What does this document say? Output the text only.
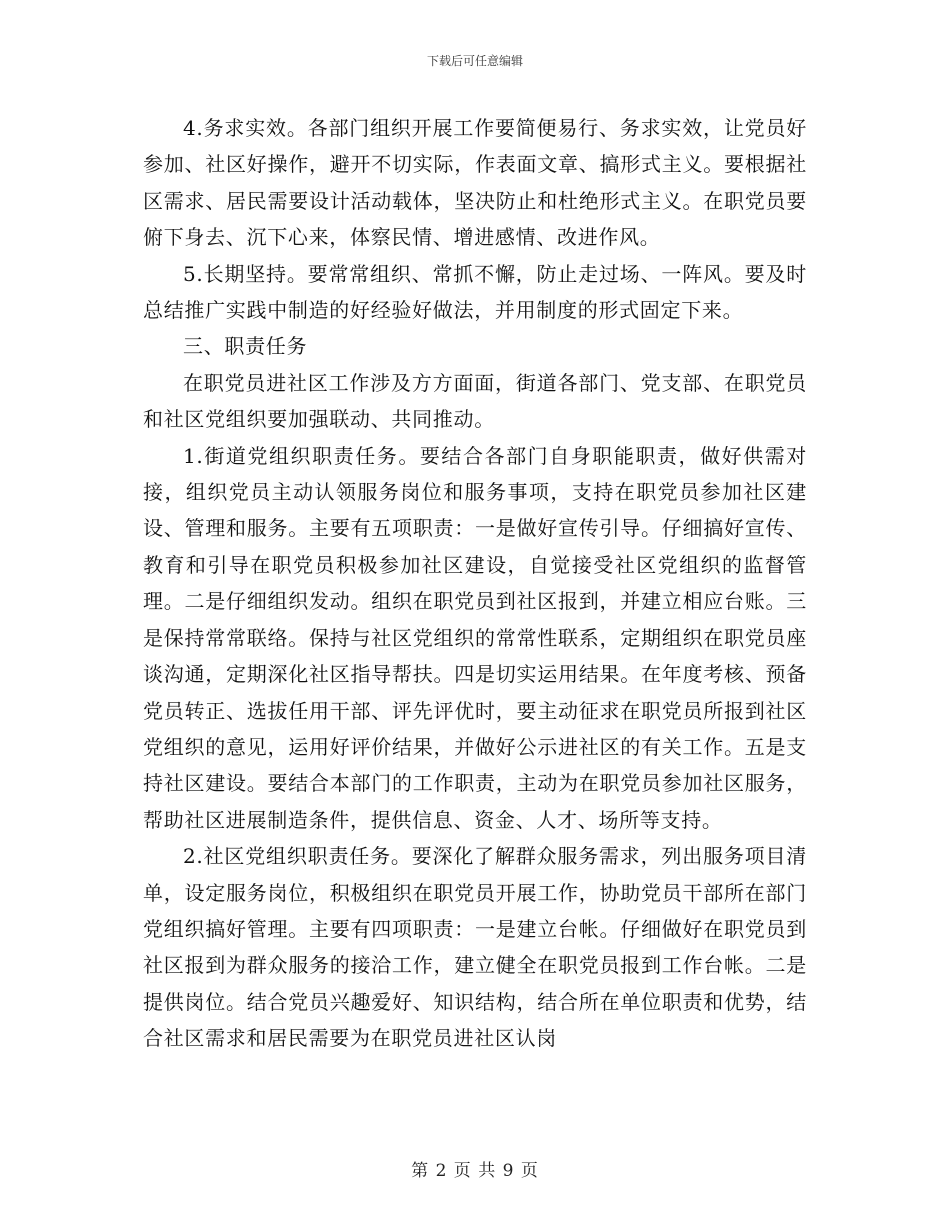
下载后可任意编辑

4.务求实效。各部门组织开展工作要简便易行、务求实效，让党员好参加、社区好操作，避开不切实际，作表面文章、搞形式主义。要根据社区需求、居民需要设计活动载体，坚决防止和杜绝形式主义。在职党员要俯下身去、沉下心来，体察民情、增进感情、改进作风。

5.长期坚持。要常常组织、常抓不懈，防止走过场、一阵风。要及时总结推广实践中制造的好经验好做法，并用制度的形式固定下来。

三、职责任务

在职党员进社区工作涉及方方面面，街道各部门、党支部、在职党员和社区党组织要加强联动、共同推动。

1.街道党组织职责任务。要结合各部门自身职能职责，做好供需对接，组织党员主动认领服务岗位和服务事项，支持在职党员参加社区建设、管理和服务。主要有五项职责：一是做好宣传引导。仔细搞好宣传、教育和引导在职党员积极参加社区建设，自觉接受社区党组织的监督管理。二是仔细组织发动。组织在职党员到社区报到，并建立相应台账。三是保持常常联络。保持与社区党组织的常常性联系，定期组织在职党员座谈沟通，定期深化社区指导帮扶。四是切实运用结果。在年度考核、预备党员转正、选拔任用干部、评先评优时，要主动征求在职党员所报到社区党组织的意见，运用好评价结果，并做好公示进社区的有关工作。五是支持社区建设。要结合本部门的工作职责，主动为在职党员参加社区服务，帮助社区进展制造条件，提供信息、资金、人才、场所等支持。

2.社区党组织职责任务。要深化了解群众服务需求，列出服务项目清单，设定服务岗位，积极组织在职党员开展工作，协助党员干部所在部门党组织搞好管理。主要有四项职责：一是建立台帐。仔细做好在职党员到社区报到为群众服务的接洽工作，建立健全在职党员报到工作台帐。二是提供岗位。结合党员兴趣爱好、知识结构，结合所在单位职责和优势，结合社区需求和居民需要为在职党员进社区认岗

第 2 页 共 9 页
